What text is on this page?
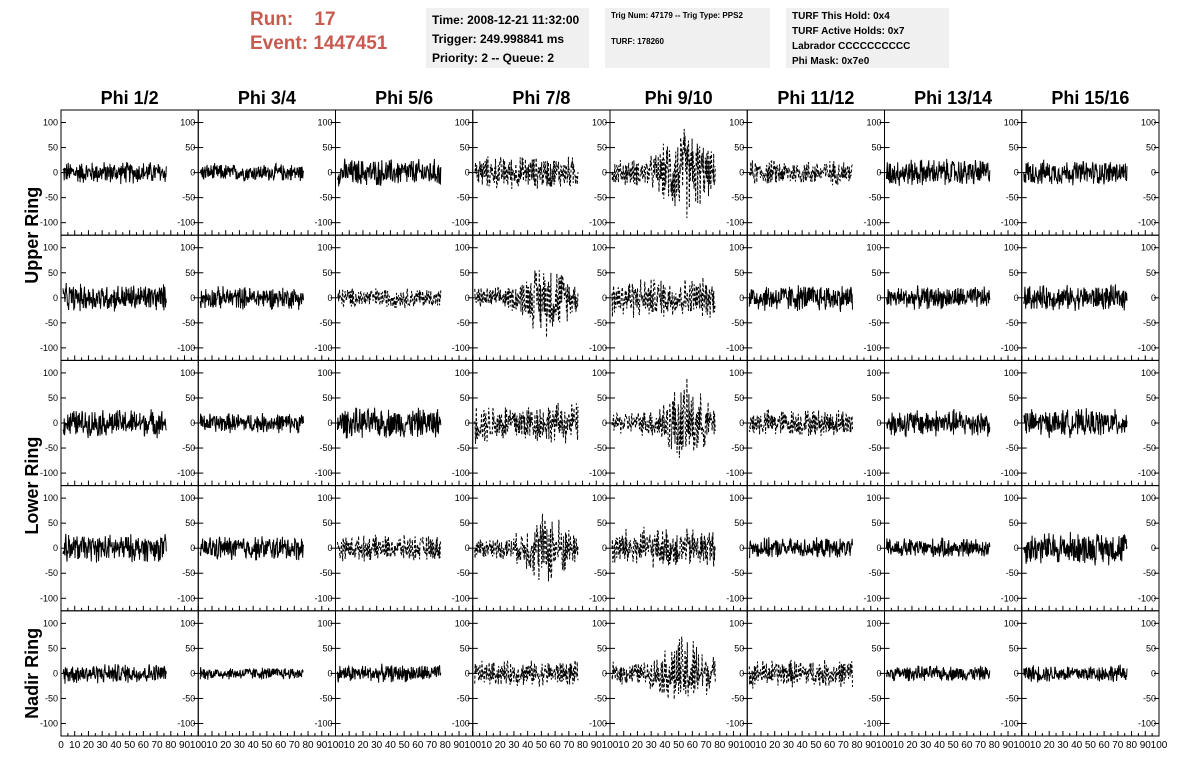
Run: 17
Event: 1447451
Time: 2008-12-21 11:32:00
Trigger: 249.998841 ms
Priority: 2 -- Queue: 2
Trig Num: 47179 -- Trig Type: PPS2
TURF: 178260
TURF This Hold: 0x4
TURF Active Holds: 0x7
Labrador CCCCCCCCCC
Phi Mask: 0x7e0
Phi 1/2	Phi 3/4	Phi 5/6	Phi 7/8	Phi 9/10	Phi 11/12	Phi 13/14	Phi 15/16
Upper Ring
Lower Ring
Nadir Ring
-100	-100
-50	-50
0	0
50	50
100	100
-100
-50
0
50
100
-100
-50
0
50
100
-100
-50
0
50
100
-100
-50
0
50
100
-100
-50
0
50
100
-100
-50
0
50
100
-100
-50
0
50
100
-100	-100
-50	-50
0	0
50	50
100	100
-100
-50
0
50
100
-100
-50
0
50
100
-100
-50
0
50
100
-100
-50
0
50
100
-100
-50
0
50
100
-100
-50
0
50
100
-100
-50
0
50
100
-100	-100
-50	-50
0	0
50	50
100	100
-100
-50
0
50
100
-100
-50
0
50
100
-100
-50
0
50
100
-100
-50
0
50
100
-100
-50
0
50
100
-100
-50
0
50
100
-100
-50
0
50
100
-100	-100
-50	-50
0	0
50	50
100	100
-100
-50
0
50
100
-100
-50
0
50
100
-100
-50
0
50
100
-100
-50
0
50
100
-100
-50
0
50
100
-100
-50
0
50
100
-100
-50
0
50
100
-100	-100
-50	-50
0	0
50	50
100	100
-100
-50
0
50
100
-100
-50
0
50
100
-100
-50
0
50
100
-100
-50
0
50
100
-100
-50
0
50
100
-100
-50
0
50
100
-100
-50
0
50
100
0 10 20 30 40 50 60 70 80 90 100 10 20 30 40 50 60 70 80 90 100 10 20 30 40 50 60 70 80 90 100 10 20 30 40 50 60 70 80 90 100 10 20 30 40 50 60 70 80 90 100 10 20 30 40 50 60 70 80 90 100 10 20 30 40 50 60 70 80 90 100 10 20 30 40 50 60 70 80 90 100
